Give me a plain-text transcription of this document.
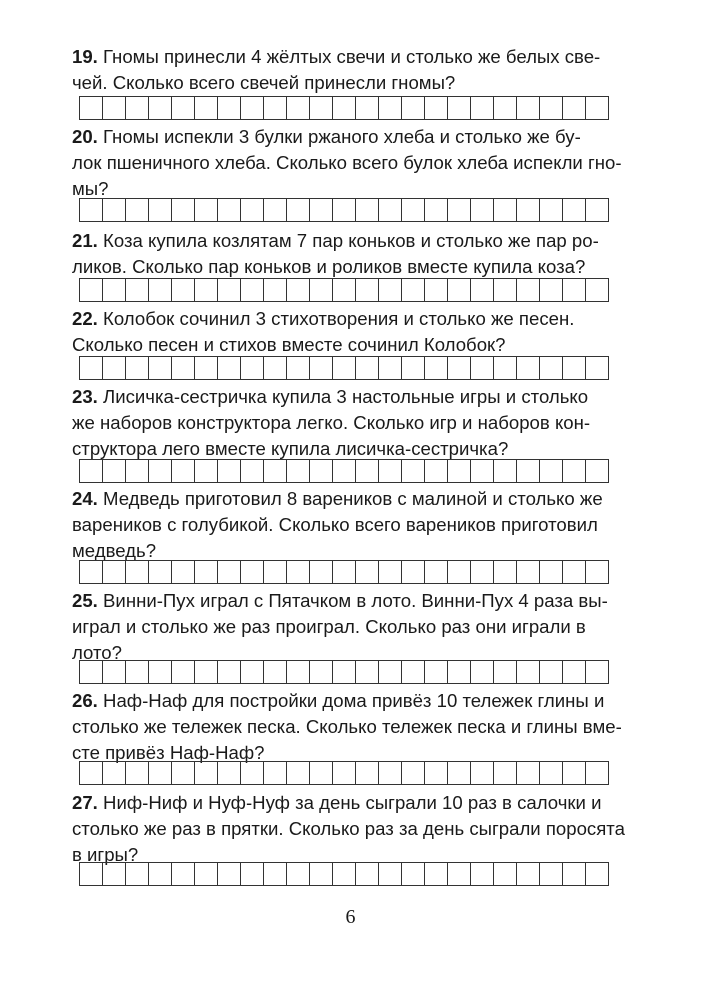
19. Гномы принесли 4 жёлтых свечи и столько же белых све-
чей. Сколько всего свечей принесли гномы?

20. Гномы испекли 3 булки ржаного хлеба и столько же бу-
лок пшеничного хлеба. Сколько всего булок хлеба испекли гно-
мы?

21. Коза купила козлятам 7 пар коньков и столько же пар ро-
ликов. Сколько пар коньков и роликов вместе купила коза?

22. Колобок сочинил 3 стихотворения и столько же песен.
Сколько песен и стихов вместе сочинил Колобок?

23. Лисичка-сестричка купила 3 настольные игры и столько
же наборов конструктора легко. Сколько игр и наборов кон-
структора лего вместе купила лисичка-сестричка?

24. Медведь приготовил 8 вареников с малиной и столько же
вареников с голубикой. Сколько всего вареников приготовил
медведь?

25. Винни-Пух играл с Пятачком в лото. Винни-Пух 4 раза вы-
играл и столько же раз проиграл. Сколько раз они играли в
лото?

26. Наф-Наф для постройки дома привёз 10 тележек глины и
столько же тележек песка. Сколько тележек песка и глины вме-
сте привёз Наф-Наф?

27. Ниф-Ниф и Нуф-Нуф за день сыграли 10 раз в салочки и
столько же раз в прятки. Сколько раз за день сыграли поросята
в игры?

6
